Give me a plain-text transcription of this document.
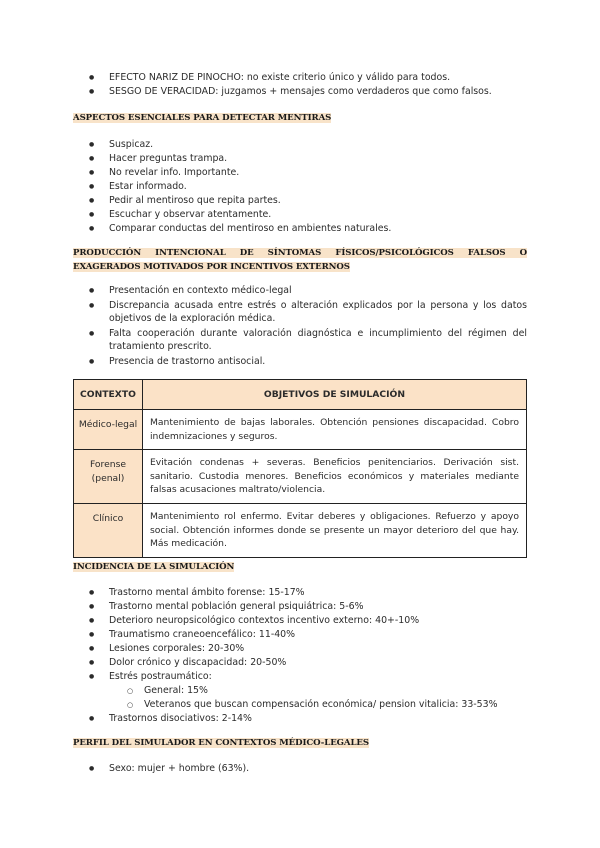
● EFECTO NARIZ DE PINOCHO: no existe criterio único y válido para todos.
● SESGO DE VERACIDAD: juzgamos + mensajes como verdaderos que como falsos.
ASPECTOS ESENCIALES PARA DETECTAR MENTIRAS
● Suspicaz.
● Hacer preguntas trampa.
● No revelar info. Importante.
● Estar informado.
● Pedir al mentiroso que repita partes.
● Escuchar y observar atentamente.
● Comparar conductas del mentiroso en ambientes naturales.
PRODUCCIÓN INTENCIONAL DE SÍNTOMAS FÍSICOS/PSICOLÓGICOS FALSOS O EXAGERADOS MOTIVADOS POR INCENTIVOS EXTERNOS
● Presentación en contexto médico-legal
● Discrepancia acusada entre estrés o alteración explicados por la persona y los datos objetivos de la exploración médica.
● Falta cooperación durante valoración diagnóstica e incumplimiento del régimen del tratamiento prescrito.
● Presencia de trastorno antisocial.
CONTEXTO	OBJETIVOS DE SIMULACIÓN
Médico-legal	Mantenimiento de bajas laborales. Obtención pensiones discapacidad. Cobro indemnizaciones y seguros.
Forense (penal)	Evitación condenas + severas. Beneficios penitenciarios. Derivación sist. sanitario. Custodia menores. Beneficios económicos y materiales mediante falsas acusaciones maltrato/violencia.
Clínico	Mantenimiento rol enfermo. Evitar deberes y obligaciones. Refuerzo y apoyo social. Obtención informes donde se presente un mayor deterioro del que hay. Más medicación.
INCIDENCIA DE LA SIMULACIÓN
● Trastorno mental ámbito forense: 15-17%
● Trastorno mental población general psiquiátrica: 5-6%
● Deterioro neuropsicológico contextos incentivo externo: 40+-10%
● Traumatismo craneoencefálico: 11-40%
● Lesiones corporales: 20-30%
● Dolor crónico y discapacidad: 20-50%
● Estrés postraumático:
○ General: 15%
○ Veteranos que buscan compensación económica/ pension vitalicia: 33-53%
● Trastornos disociativos: 2-14%
PERFIL DEL SIMULADOR EN CONTEXTOS MÉDICO-LEGALES
● Sexo: mujer + hombre (63%).
